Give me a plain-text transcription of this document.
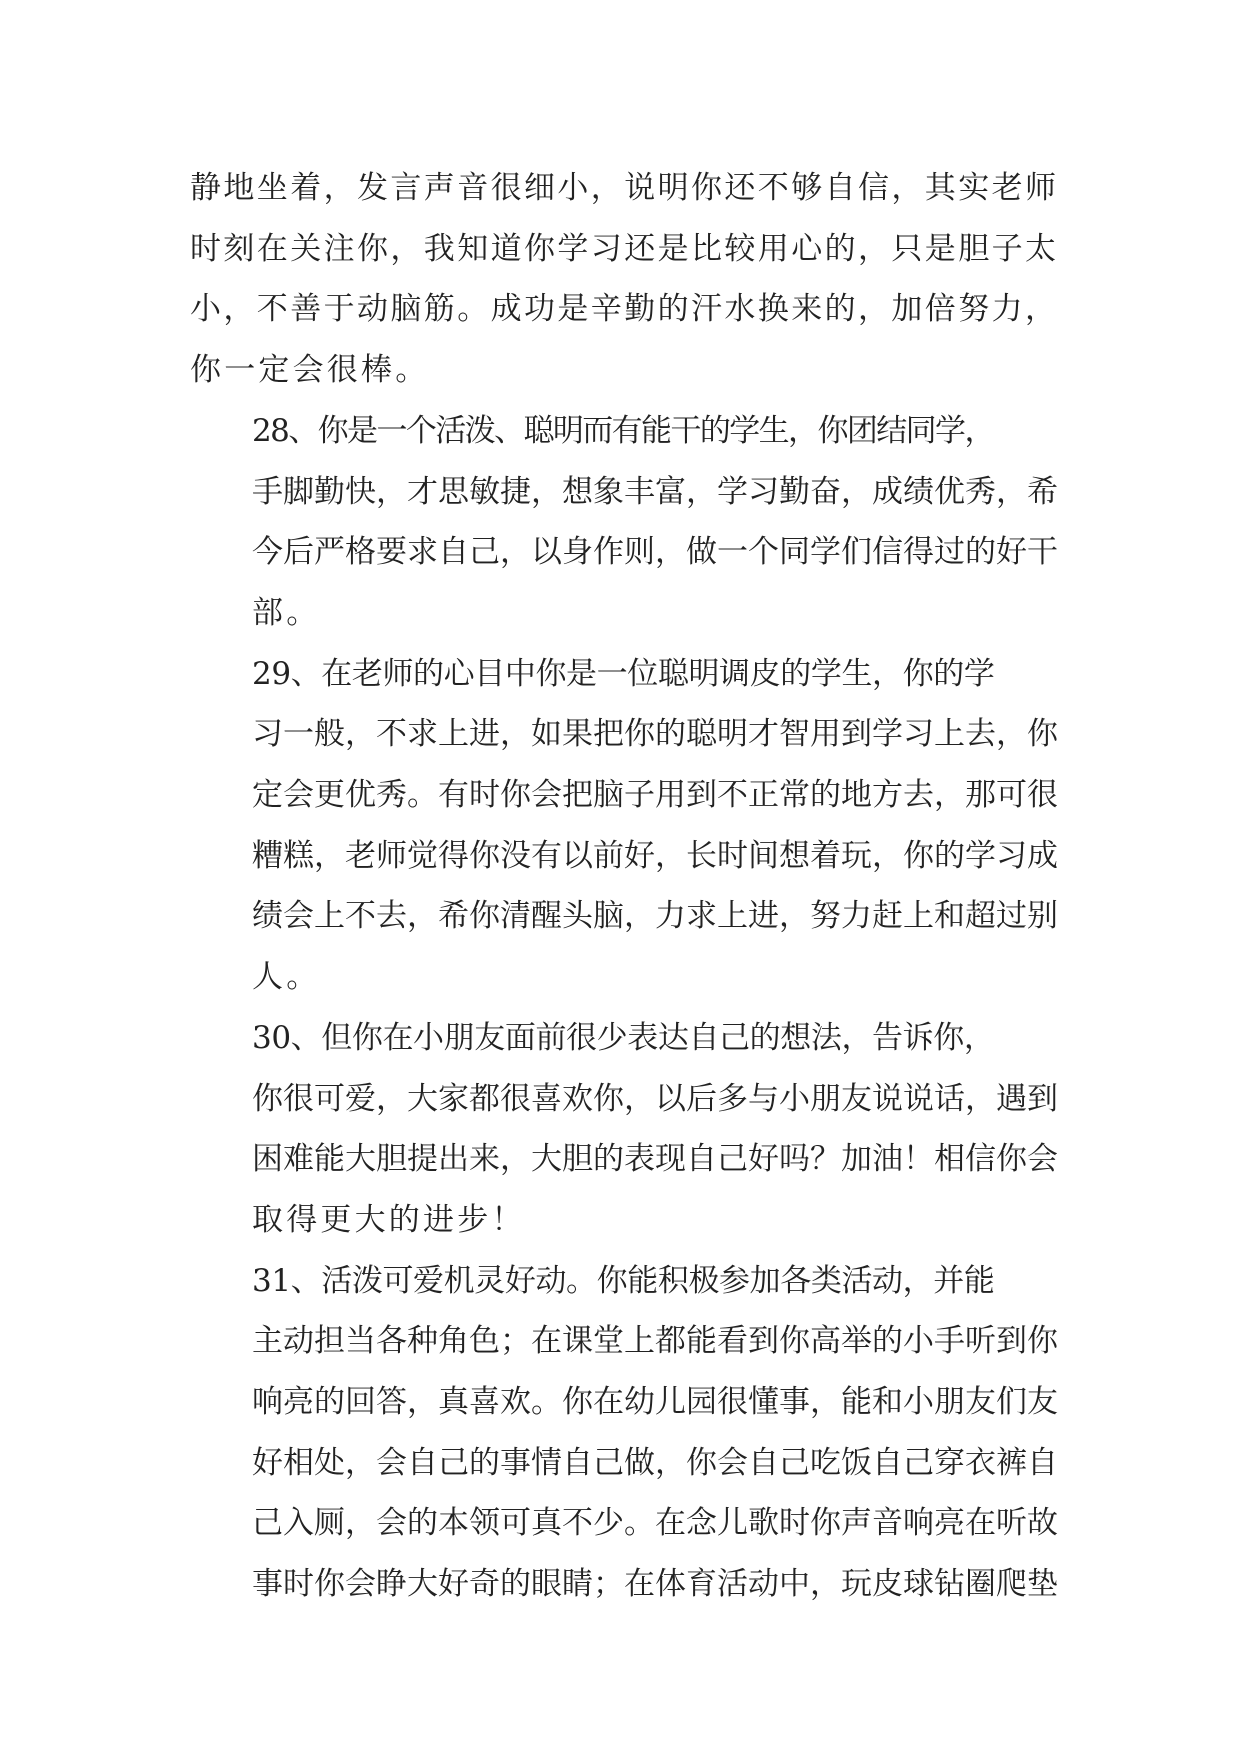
静地坐着，发言声音很细小，说明你还不够自信，其实老师
时刻在关注你，我知道你学习还是比较用心的，只是胆子太
小，不善于动脑筋。成功是辛勤的汗水换来的，加倍努力，
你一定会很棒。

28、你是一个活泼、聪明而有能干的学生，你团结同学，
手脚勤快，才思敏捷，想象丰富，学习勤奋，成绩优秀，希
今后严格要求自己，以身作则，做一个同学们信得过的好干
部。

29、在老师的心目中你是一位聪明调皮的学生，你的学
习一般，不求上进，如果把你的聪明才智用到学习上去，你
定会更优秀。有时你会把脑子用到不正常的地方去，那可很
糟糕，老师觉得你没有以前好，长时间想着玩，你的学习成
绩会上不去，希你清醒头脑，力求上进，努力赶上和超过别
人。

30、但你在小朋友面前很少表达自己的想法，告诉你，
你很可爱，大家都很喜欢你，以后多与小朋友说说话，遇到
困难能大胆提出来，大胆的表现自己好吗？加油！相信你会
取得更大的进步！

31、活泼可爱机灵好动。你能积极参加各类活动，并能
主动担当各种角色；在课堂上都能看到你高举的小手听到你
响亮的回答，真喜欢。你在幼儿园很懂事，能和小朋友们友
好相处，会自己的事情自己做，你会自己吃饭自己穿衣裤自
己入厕，会的本领可真不少。在念儿歌时你声音响亮在听故
事时你会睁大好奇的眼睛；在体育活动中，玩皮球钻圈爬垫
